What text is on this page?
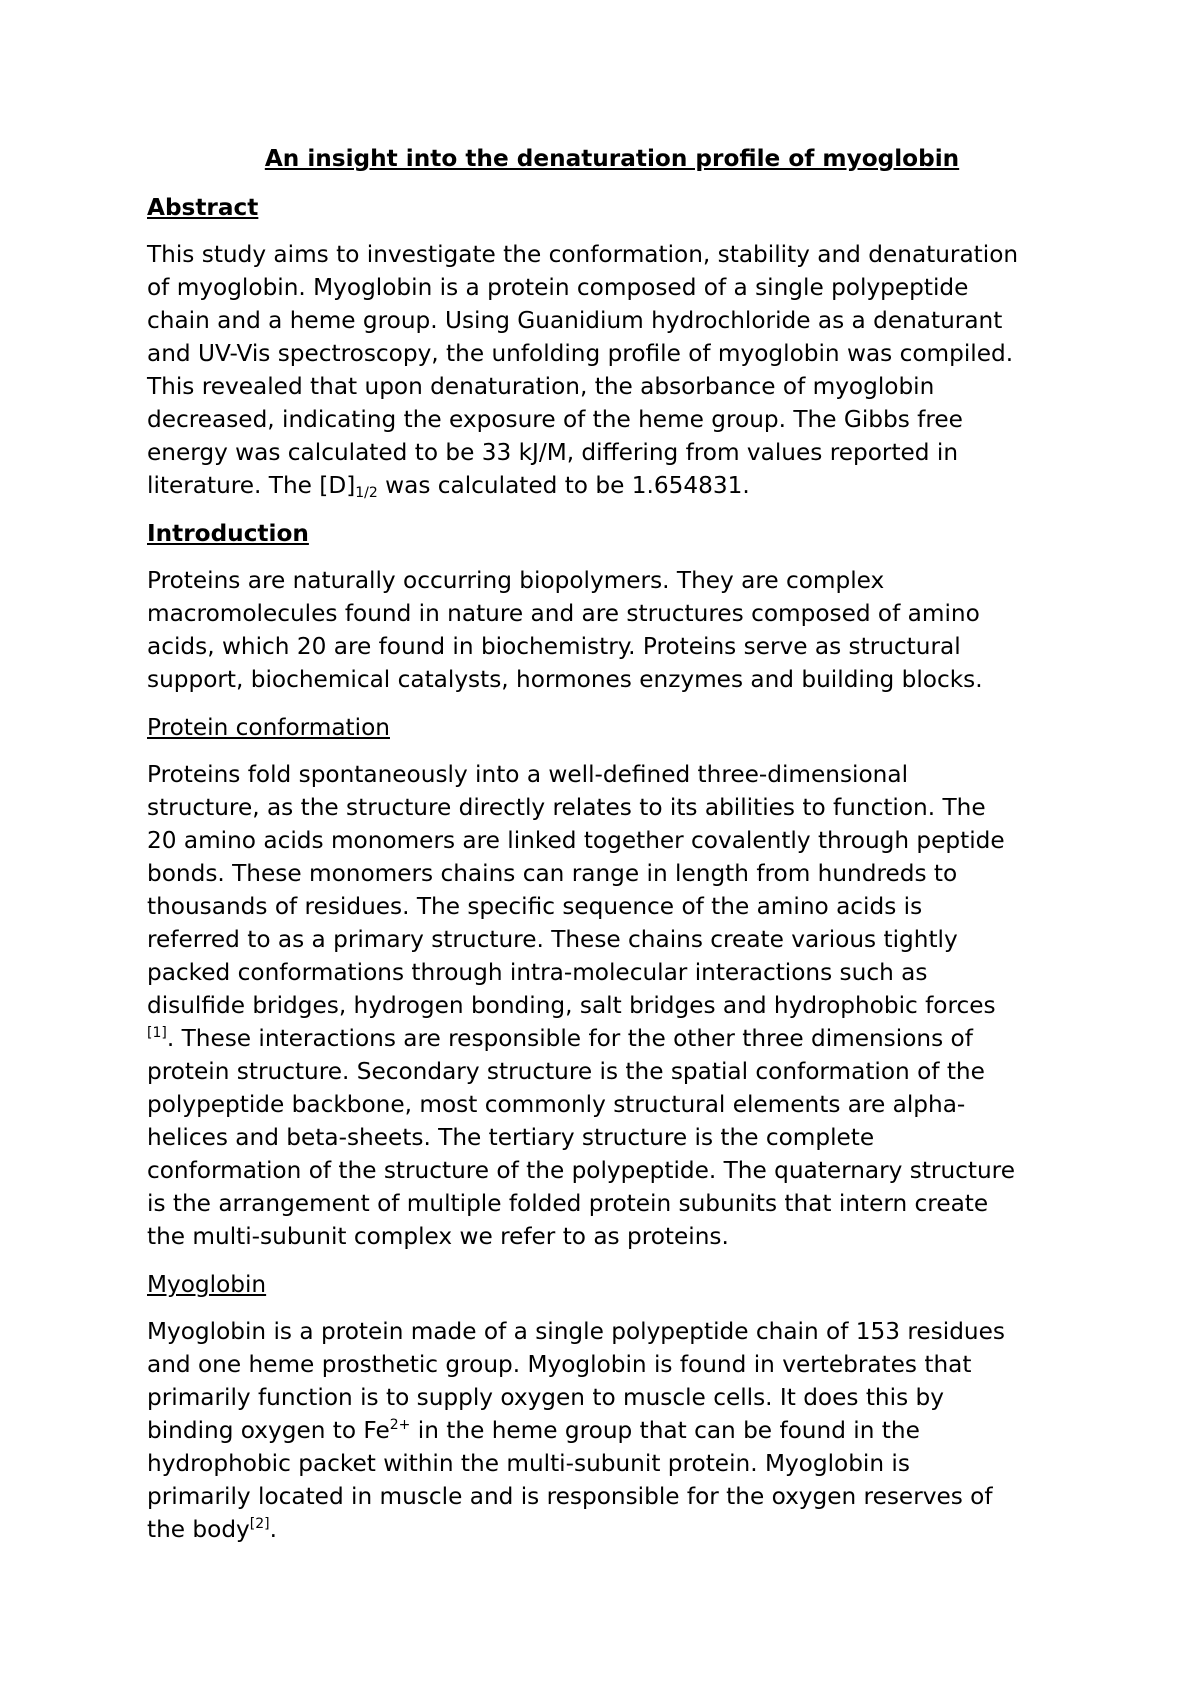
An insight into the denaturation profile of myoglobin
Abstract
This study aims to investigate the conformation, stability and denaturation
of myoglobin. Myoglobin is a protein composed of a single polypeptide
chain and a heme group. Using Guanidium hydrochloride as a denaturant
and UV-Vis spectroscopy, the unfolding profile of myoglobin was compiled.
This revealed that upon denaturation, the absorbance of myoglobin
decreased, indicating the exposure of the heme group. The Gibbs free
energy was calculated to be 33 kJ/M, differing from values reported in
literature. The $[D]_{1/2}$ was calculated to be 1.654831.
Introduction
Proteins are naturally occurring biopolymers. They are complex
macromolecules found in nature and are structures composed of amino
acids, which 20 are found in biochemistry. Proteins serve as structural
support, biochemical catalysts, hormones enzymes and building blocks.
Protein conformation
Proteins fold spontaneously into a well-defined three-dimensional
structure, as the structure directly relates to its abilities to function. The
20 amino acids monomers are linked together covalently through peptide
bonds. These monomers chains can range in length from hundreds to
thousands of residues. The specific sequence of the amino acids is
referred to as a primary structure. These chains create various tightly
packed conformations through intra-molecular interactions such as
disulfide bridges, hydrogen bonding, salt bridges and hydrophobic forces
[1]. These interactions are responsible for the other three dimensions of
protein structure. Secondary structure is the spatial conformation of the
polypeptide backbone, most commonly structural elements are alpha-
helices and beta-sheets. The tertiary structure is the complete
conformation of the structure of the polypeptide. The quaternary structure
is the arrangement of multiple folded protein subunits that intern create
the multi-subunit complex we refer to as proteins.
Myoglobin
Myoglobin is a protein made of a single polypeptide chain of 153 residues
and one heme prosthetic group. Myoglobin is found in vertebrates that
primarily function is to supply oxygen to muscle cells. It does this by
binding oxygen to $Fe^{2+}$ in the heme group that can be found in the
hydrophobic packet within the multi-subunit protein. Myoglobin is
primarily located in muscle and is responsible for the oxygen reserves of
the body[2].
